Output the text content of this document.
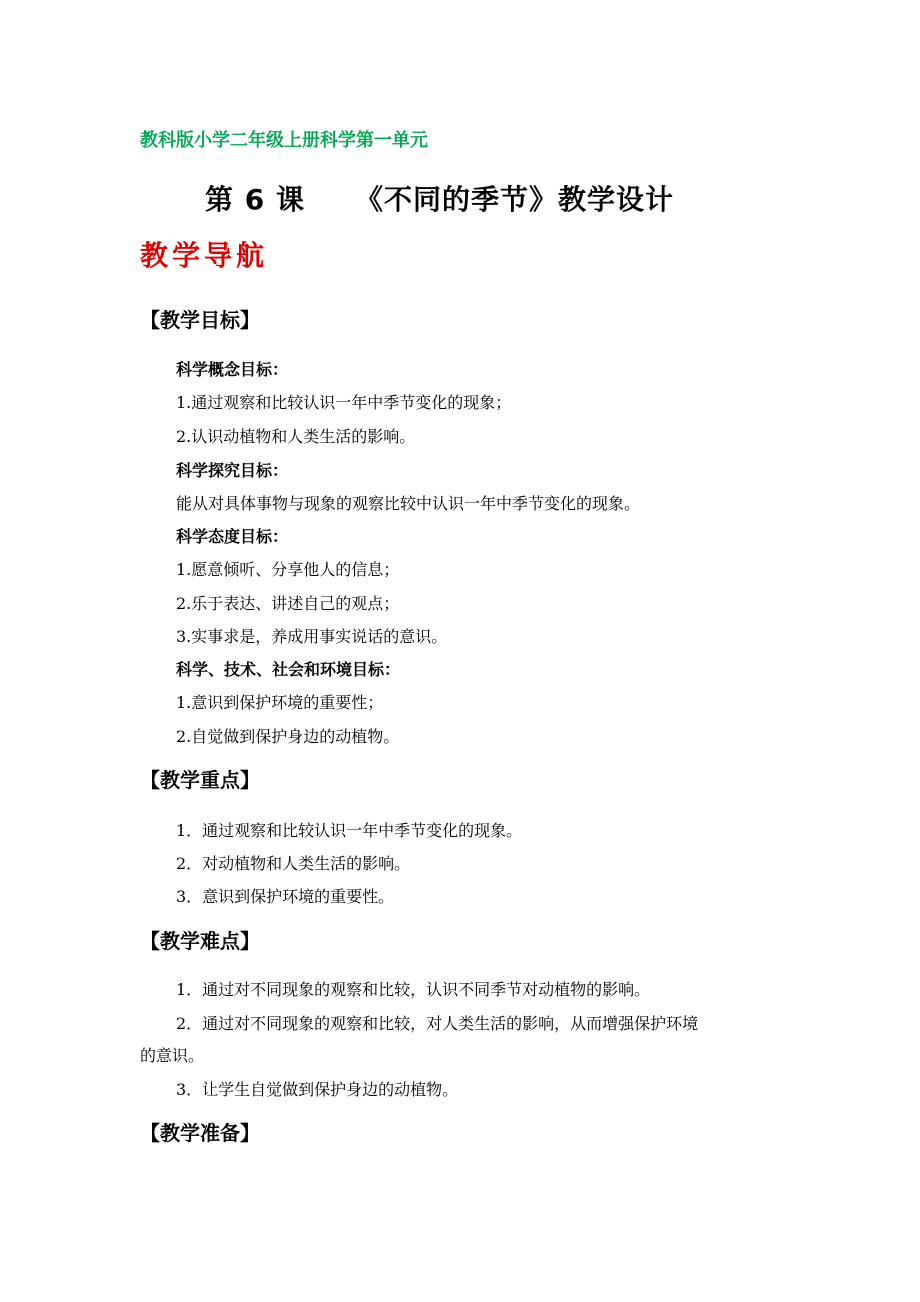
教科版小学二年级上册科学第一单元
第 6 课 《不同的季节》教学设计
教学导航
【教学目标】
科学概念目标：
1.通过观察和比较认识一年中季节变化的现象；
2.认识动植物和人类生活的影响。
科学探究目标：
能从对具体事物与现象的观察比较中认识一年中季节变化的现象。
科学态度目标：
1.愿意倾听、分享他人的信息；
2.乐于表达、讲述自己的观点；
3.实事求是，养成用事实说话的意识。
科学、技术、社会和环境目标：
1.意识到保护环境的重要性；
2.自觉做到保护身边的动植物。
【教学重点】
1．通过观察和比较认识一年中季节变化的现象。
2．对动植物和人类生活的影响。
3．意识到保护环境的重要性。
【教学难点】
1．通过对不同现象的观察和比较，认识不同季节对动植物的影响。
2．通过对不同现象的观察和比较，对人类生活的影响，从而增强保护环境
的意识。
3．让学生自觉做到保护身边的动植物。
【教学准备】
